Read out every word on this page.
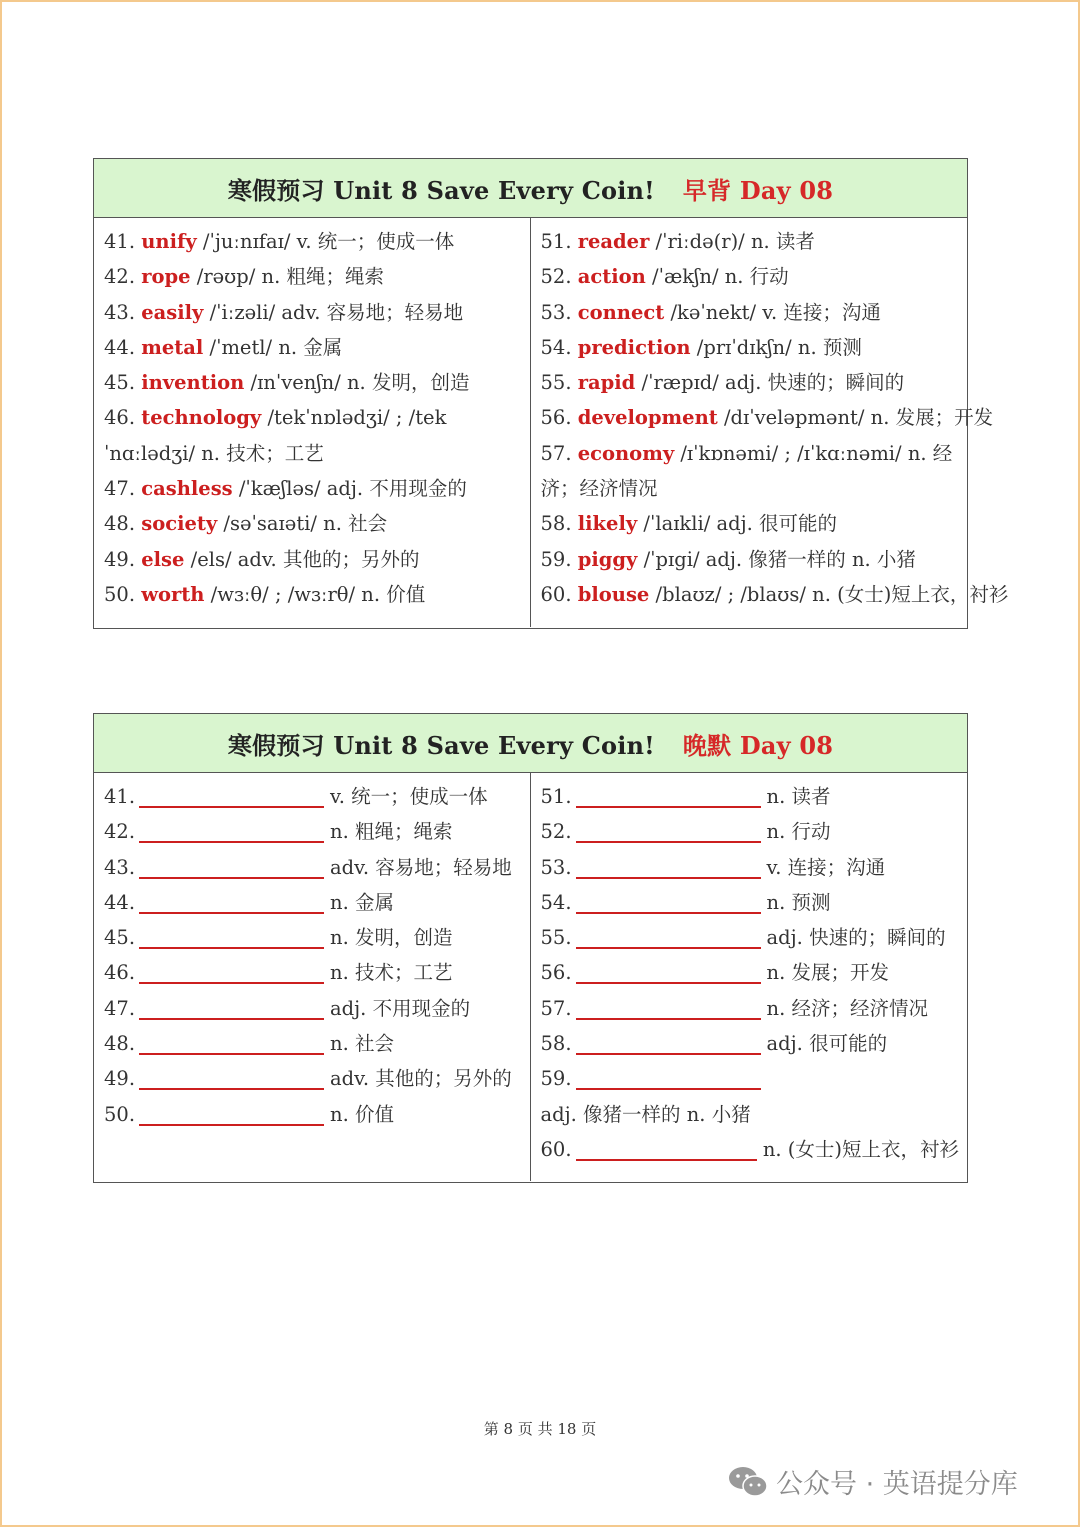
寒假预习 Unit 8 Save Every Coin! 早背 Day 08
41. unify /ˈjuːnɪfaɪ/ v. 统一；使成一体
42. rope /rəʊp/ n. 粗绳；绳索
43. easily /ˈiːzəli/ adv. 容易地；轻易地
44. metal /ˈmetl/ n. 金属
45. invention /ɪnˈvenʃn/ n. 发明，创造
46. technology /tekˈnɒlədʒi/ ; /tekˈnɑːlədʒi/ n. 技术；工艺
47. cashless /ˈkæʃləs/ adj. 不用现金的
48. society /səˈsaɪəti/ n. 社会
49. else /els/ adv. 其他的；另外的
50. worth /wɜːθ/ ; /wɜːrθ/ n. 价值
51. reader /ˈriːdə(r)/ n. 读者
52. action /ˈækʃn/ n. 行动
53. connect /kəˈnekt/ v. 连接；沟通
54. prediction /prɪˈdɪkʃn/ n. 预测
55. rapid /ˈræpɪd/ adj. 快速的；瞬间的
56. development /dɪˈveləpmənt/ n. 发展；开发
57. economy /ɪˈkɒnəmi/ ; /ɪˈkɑːnəmi/ n. 经济；经济情况
58. likely /ˈlaɪkli/ adj. 很可能的
59. piggy /ˈpɪgi/ adj. 像猪一样的 n. 小猪
60. blouse /blaʊz/ ; /blaʊs/ n. (女士)短上衣，衬衫
寒假预习 Unit 8 Save Every Coin! 晚默 Day 08
41.	v. 统一；使成一体
42.	n. 粗绳；绳索
43.	adv. 容易地；轻易地
44.	n. 金属
45.	n. 发明，创造
46.	n. 技术；工艺
47.	adj. 不用现金的
48.	n. 社会
49.	adv. 其他的；另外的
50.	n. 价值
51.	n. 读者
52.	n. 行动
53.	v. 连接；沟通
54.	n. 预测
55.	adj. 快速的；瞬间的
56.	n. 发展；开发
57.	n. 经济；经济情况
58.	adj. 很可能的
59.
adj. 像猪一样的 n. 小猪
60.	n. (女士)短上衣，衬衫
第 8 页 共 18 页
公众号 · 英语提分库
